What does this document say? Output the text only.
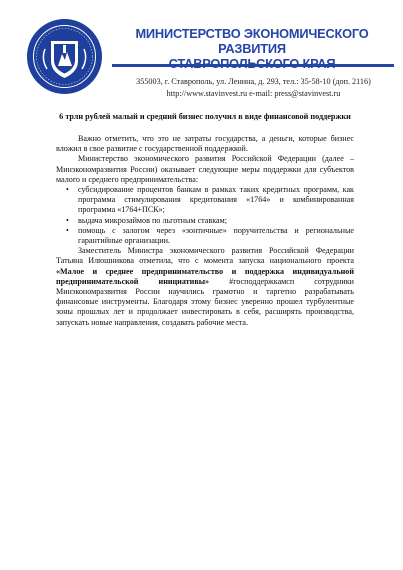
МИНИСТЕРСТВО ЭКОНОМИЧЕСКОГО РАЗВИТИЯ
355003, г. Ставрополь, ул. Ленина, д. 293, тел.: 35-58-10 (доп. 2116)
http://www.stavinvest.ru e-mail: press@stavinvest.ru
6 трлн рублей малый и средний бизнес получил в виде финансовой поддержки

Важно отметить, что это не затраты государства, а деньги, которые бизнес вложил в свое развитие с государственной поддержкой.

Министерство экономического развития Российской Федерации (далее – Минэкономразвития России) оказывает следующие меры поддержки для субъектов малого и среднего предпринимательства:

• субсидирование процентов банкам в рамках таких кредитных программ, как программа стимулирования кредитования «1764» и комбинированная программа «1764+ПСК»;
• выдача микрозаймов по льготным ставкам;
• помощь с залогом через «зонтичные» поручительства и региональные гарантийные организации.

Заместитель Министра экономического развития Российской Федерации Татьяна Илюшникова отметила, что с момента запуска национального проекта «Малое и среднее предпринимательство и поддержка индивидуальной предпринимательской инициативы» #господдержкамсп сотрудники Минэкономразвития России научились грамотно и таргетно разрабатывать финансовые инструменты. Благодаря этому бизнес уверенно прошел турбулентные зоны прошлых лет и продолжает инвестировать в себя, расширять производства, запускать новые направления, создавать рабочие места.
